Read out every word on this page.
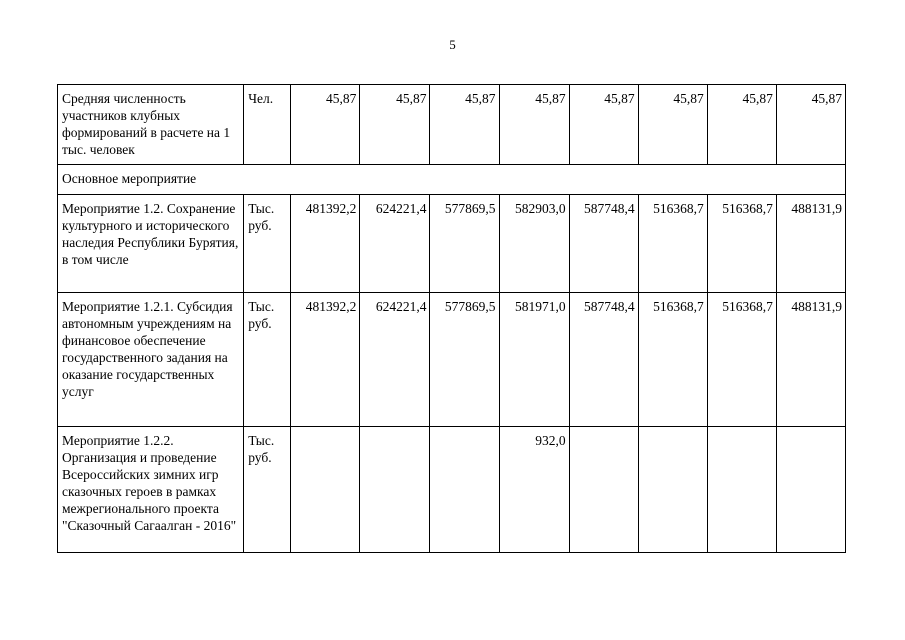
5
Средняя численность участников клубных формирований в расчете на 1 тыс. человек	Чел.	45,87	45,87	45,87	45,87	45,87	45,87	45,87	45,87
Основное мероприятие									
Мероприятие 1.2. Сохранение культурного и исторического наследия Республики Бурятия, в том числе	Тыс. руб.	481392,2	624221,4	577869,5	582903,0	587748,4	516368,7	516368,7	488131,9
Мероприятие 1.2.1. Субсидия автономным учреждениям на финансовое обеспечение государственного задания на оказание государственных услуг	Тыс. руб.	481392,2	624221,4	577869,5	581971,0	587748,4	516368,7	516368,7	488131,9
Мероприятие 1.2.2. Организация и проведение Всероссийских зимних игр сказочных героев в рамках межрегионального проекта "Сказочный Сагаалган - 2016"	Тыс. руб.				932,0				
